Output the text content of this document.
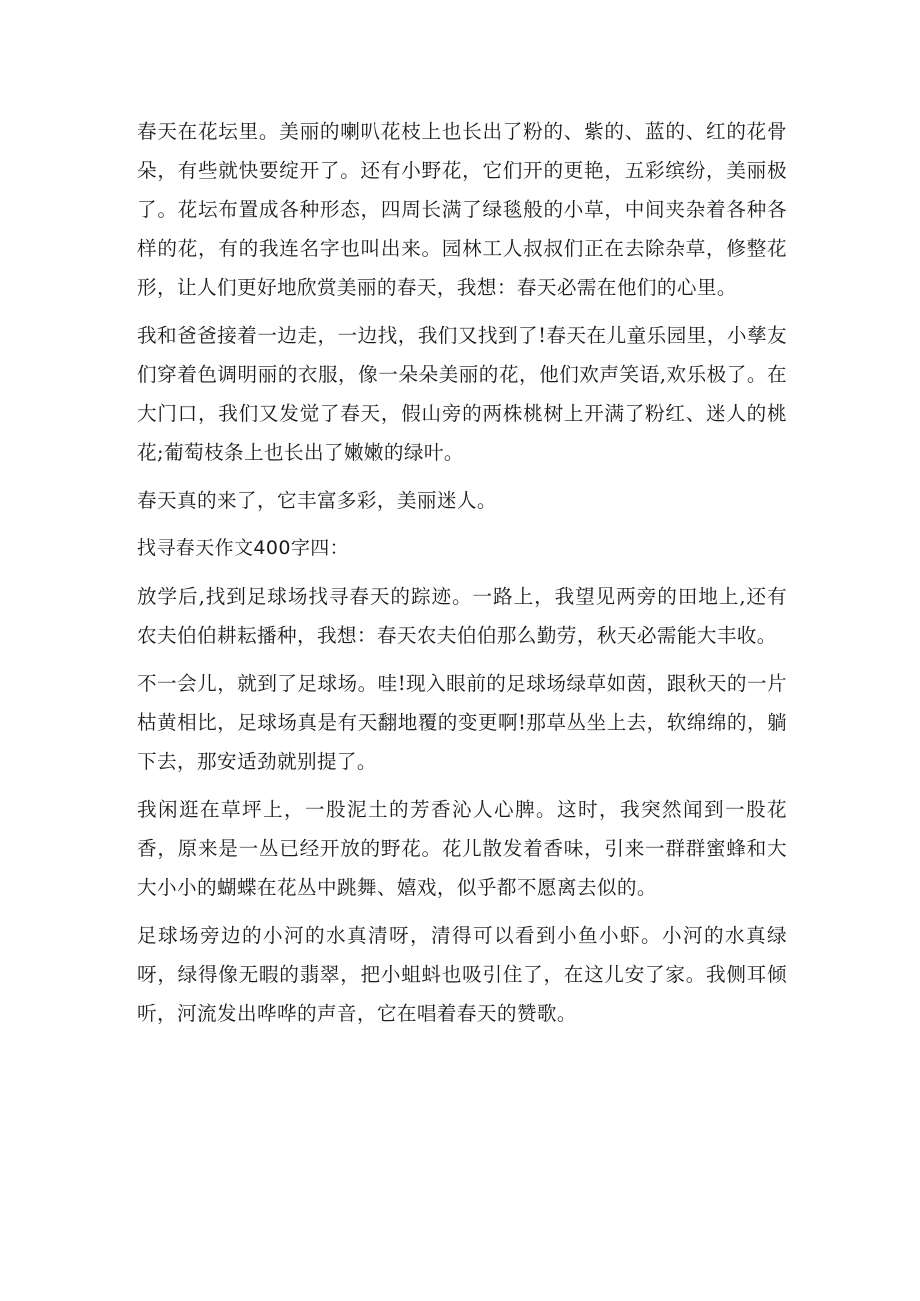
春天在花坛里。美丽的喇叭花枝上也长出了粉的、紫的、蓝的、红的花骨朵，有些就快要绽开了。还有小野花，它们开的更艳，五彩缤纷，美丽极了。花坛布置成各种形态，四周长满了绿毯般的小草，中间夹杂着各种各样的花，有的我连名字也叫出来。园林工人叔叔们正在去除杂草，修整花形，让人们更好地欣赏美丽的春天，我想：春天必需在他们的心里。

我和爸爸接着一边走，一边找，我们又找到了!春天在儿童乐园里，小孳友们穿着色调明丽的衣服，像一朵朵美丽的花，他们欢声笑语,欢乐极了。在大门口，我们又发觉了春天，假山旁的两株桃树上开满了粉红、迷人的桃花;葡萄枝条上也长出了嫩嫩的绿叶。

春天真的来了，它丰富多彩，美丽迷人。

找寻春天作文400字四：

放学后,找到足球场找寻春天的踪迹。一路上，我望见两旁的田地上,还有农夫伯伯耕耘播种，我想：春天农夫伯伯那么勤劳，秋天必需能大丰收。

不一会儿，就到了足球场。哇!现入眼前的足球场绿草如茵，跟秋天的一片枯黄相比，足球场真是有天翻地覆的变更啊!那草丛坐上去，软绵绵的，躺下去，那安适劲就别提了。

我闲逛在草坪上，一股泥土的芳香沁人心脾。这时，我突然闻到一股花香，原来是一丛已经开放的野花。花儿散发着香味，引来一群群蜜蜂和大大小小的蝴蝶在花丛中跳舞、嬉戏，似乎都不愿离去似的。

足球场旁边的小河的水真清呀，清得可以看到小鱼小虾。小河的水真绿呀，绿得像无暇的翡翠，把小蛆蚪也吸引住了，在这儿安了家。我侧耳倾听，河流发出哗哗的声音，它在唱着春天的赞歌。
